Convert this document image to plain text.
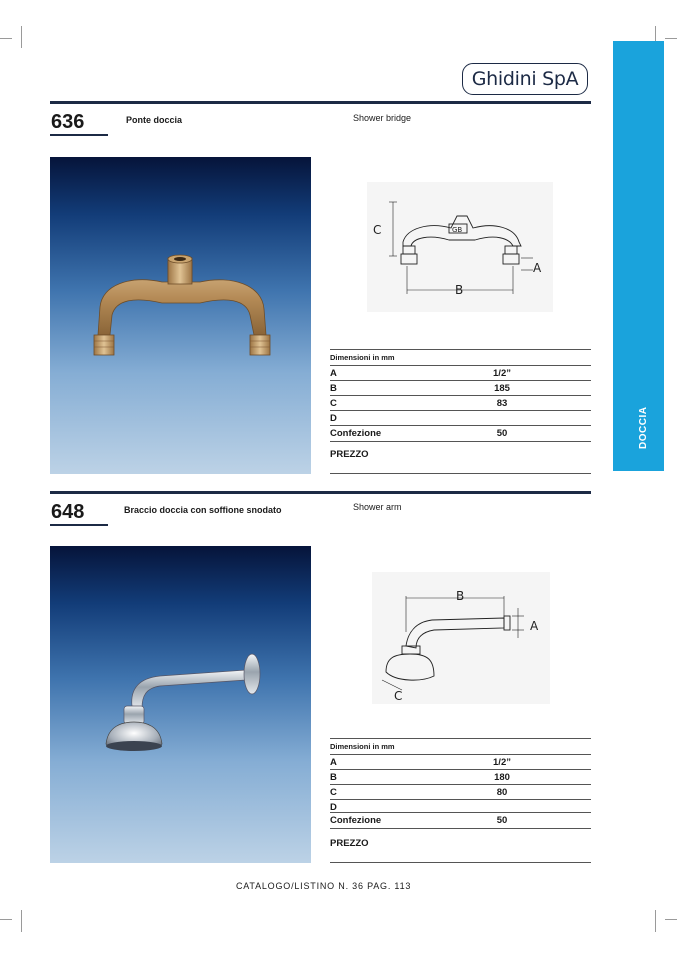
Ghidini SpA
DOCCIA
636	Ponte doccia	Shower bridge
GB
C
A
B
Dimensioni in mm
A	1/2”
B	185
C	83
D
Confezione	50
PREZZO
648	Braccio doccia con soffione snodato	Shower arm
B
A
C
Dimensioni in mm
A	1/2”
B	180
C	80
D
Confezione	50
PREZZO
CATALOGO/LISTINO N. 36 PAG. 113
